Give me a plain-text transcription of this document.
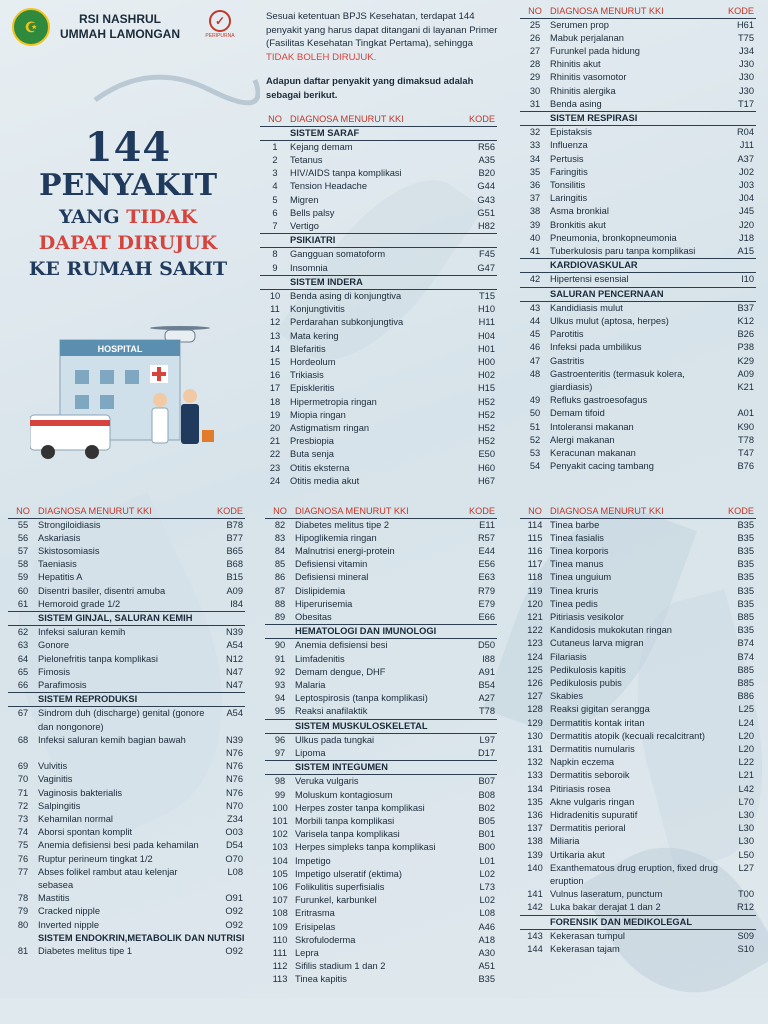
☪	RSI NASHRUL UMMAH LAMONGAN
✓
PERIPURNA
144
PENYAKIT
YANG TIDAK
DAPAT DIRUJUK
KE RUMAH SAKIT
HOSPITAL

Sesuai ketentuan BPJS Kesehatan, terdapat 144 penyakit yang harus dapat ditangani di layanan Primer (Fasilitas Kesehatan Tingkat Pertama), sehingga TIDAK BOLEH DIRUJUK.

Adapun daftar penyakit yang dimaksud adalah sebagai berikut.

NO	DIAGNOSA MENURUT KKI	KODE
SISTEM SARAF		
1	Kejang demam	R56
2	Tetanus	A35
3	HIV/AIDS tanpa komplikasi	B20
4	Tension Headache	G44
5	Migren	G43
6	Bells palsy	G51
7	Vertigo	H82
PSIKIATRI		
8	Gangguan somatoform	F45
9	Insomnia	G47
SISTEM INDERA		
10	Benda asing di konjungtiva	T15
11	Konjungtivitis	H10
12	Perdarahan subkonjungtiva	H11
13	Mata kering	H04
14	Blefaritis	H01
15	Hordeolum	H00
16	Trikiasis	H02
17	Episkleritis	H15
18	Hipermetropia ringan	H52
19	Miopia ringan	H52
20	Astigmatism ringan	H52
21	Presbiopia	H52
22	Buta senja	E50
23	Otitis eksterna	H60
24	Otitis media akut	H67
NO	DIAGNOSA MENURUT KKI	KODE
25	Serumen prop	H61
26	Mabuk perjalanan	T75
27	Furunkel pada hidung	J34
28	Rhinitis akut	J30
29	Rhinitis vasomotor	J30
30	Rhinitis alergika	J30
31	Benda asing	T17
SISTEM RESPIRASI		
32	Epistaksis	R04
33	Influenza	J11
34	Pertusis	A37
35	Faringitis	J02
36	Tonsilitis	J03
37	Laringitis	J04
38	Asma bronkial	J45
39	Bronkitis akut	J20
40	Pneumonia, bronkopneumonia	J18
41	Tuberkulosis paru tanpa komplikasi	A15
KARDIOVASKULAR		
42	Hipertensi esensial	I10
SALURAN PENCERNAAN		
43	Kandidiasis mulut	B37
44	Ulkus mulut (aptosa, herpes)	K12
45	Parotitis	B26
46	Infeksi pada umbilikus	P38
47	Gastritis	K29
48	Gastroenteritis (termasuk kolera, giardiasis)	A09 K21
49	Refluks gastroesofagus	
50	Demam tifoid	A01
51	Intoleransi makanan	K90
52	Alergi makanan	T78
53	Keracunan makanan	T47
54	Penyakit cacing tambang	B76
NO	DIAGNOSA MENURUT KKI	KODE
55	Strongiloidiasis	B78
56	Askariasis	B77
57	Skistosomiasis	B65
58	Taeniasis	B68
59	Hepatitis A	B15
60	Disentri basiler, disentri amuba	A09
61	Hemoroid grade 1/2	I84
SISTEM GINJAL, SALURAN KEMIH		
62	Infeksi saluran kemih	N39
63	Gonore	A54
64	Pielonefritis tanpa komplikasi	N12
65	Fimosis	N47
66	Parafimosis	N47
SISTEM REPRODUKSI		
67	Sindrom duh (discharge) genital (gonore dan nongonore)	A54
68	Infeksi saluran kemih bagian bawah	N39 N76
69	Vulvitis	N76
70	Vaginitis	N76
71	Vaginosis bakterialis	N76
72	Salpingitis	N70
73	Kehamilan normal	Z34
74	Aborsi spontan komplit	O03
75	Anemia defisiensi besi pada kehamilan	D54
76	Ruptur perineum tingkat 1/2	O70
77	Abses folikel rambut atau kelenjar sebasea	L08
78	Mastitis	O91
79	Cracked nipple	O92
80	Inverted nipple	O92
SISTEM ENDOKRIN,METABOLIK DAN NUTRISI		
81	Diabetes melitus tipe 1	O92
NO	DIAGNOSA MENURUT KKI	KODE
82	Diabetes melitus tipe 2	E11
83	Hipoglikemia ringan	R57
84	Malnutrisi energi-protein	E44
85	Defisiensi vitamin	E56
86	Defisiensi mineral	E63
87	Dislipidemia	R79
88	Hiperurisemia	E79
89	Obesitas	E66
HEMATOLOGI DAN IMUNOLOGI		
90	Anemia defisiensi besi	D50
91	Limfadenitis	I88
92	Demam dengue, DHF	A91
93	Malaria	B54
94	Leptospirosis (tanpa komplikasi)	A27
95	Reaksi anafilaktik	T78
SISTEM MUSKULOSKELETAL		
96	Ulkus pada tungkai	L97
97	Lipoma	D17
SISTEM INTEGUMEN		
98	Veruka vulgaris	B07
99	Moluskum kontagiosum	B08
100	Herpes zoster tanpa komplikasi	B02
101	Morbili tanpa komplikasi	B05
102	Varisela tanpa komplikasi	B01
103	Herpes simpleks tanpa komplikasi	B00
104	Impetigo	L01
105	Impetigo ulseratif (ektima)	L02
106	Folikulitis superfisialis	L73
107	Furunkel, karbunkel	L02
108	Eritrasma	L08
109	Erisipelas	A46
110	Skrofuloderma	A18
111	Lepra	A30
112	Sifilis stadium 1 dan 2	A51
113	Tinea kapitis	B35
NO	DIAGNOSA MENURUT KKI	KODE
114	Tinea barbe	B35
115	Tinea fasialis	B35
116	Tinea korporis	B35
117	Tinea manus	B35
118	Tinea unguium	B35
119	Tinea kruris	B35
120	Tinea pedis	B35
121	Pitiriasis vesikolor	B85
122	Kandidosis mukokutan ringan	B35
123	Cutaneus larva migran	B74
124	Filariasis	B74
125	Pedikulosis kapitis	B85
126	Pedikulosis pubis	B85
127	Skabies	B86
128	Reaksi gigitan serangga	L25
129	Dermatitis kontak iritan	L24
130	Dermatitis atopik (kecuali recalcitrant)	L20
131	Dermatitis numularis	L20
132	Napkin eczema	L22
133	Dermatitis seboroik	L21
134	Pitiriasis rosea	L42
135	Akne vulgaris ringan	L70
136	Hidradenitis supuratif	L30
137	Dermatitis perioral	L30
138	Miliaria	L30
139	Urtikaria akut	L50
140	Exanthematous drug eruption, fixed drug eruption	L27
141	Vulnus laseratum, punctum	T00
142	Luka bakar derajat 1 dan 2	R12
FORENSIK DAN MEDIKOLEGAL		
143	Kekerasan tumpul	S09
144	Kekerasan tajam	S10
